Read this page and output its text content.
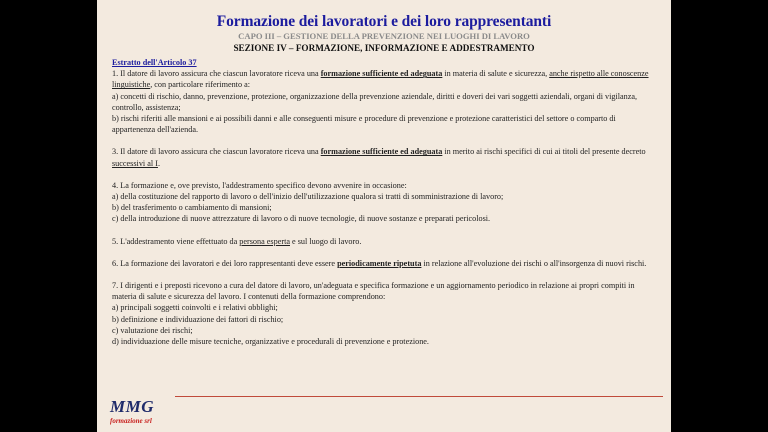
Formazione dei lavoratori e dei loro rappresentanti
CAPO III – GESTIONE DELLA PREVENZIONE NEI LUOGHI DI LAVORO
SEZIONE IV – FORMAZIONE, INFORMAZIONE E ADDESTRAMENTO

Estratto dell'Articolo 37

1. Il datore di lavoro assicura che ciascun lavoratore riceva una formazione sufficiente ed adeguata in materia di salute e sicurezza, anche rispetto alle conoscenze linguistiche, con particolare riferimento a:

a) concetti di rischio, danno, prevenzione, protezione, organizzazione della prevenzione aziendale, diritti e doveri dei vari soggetti aziendali, organi di vigilanza, controllo, assistenza;

b) rischi riferiti alle mansioni e ai possibili danni e alle conseguenti misure e procedure di prevenzione e protezione caratteristici del settore o comparto di appartenenza dell'azienda.

3. Il datore di lavoro assicura che ciascun lavoratore riceva una formazione sufficiente ed adeguata in merito ai rischi specifici di cui ai titoli del presente decreto successivi al I.

4. La formazione e, ove previsto, l'addestramento specifico devono avvenire in occasione:

a) della costituzione del rapporto di lavoro o dell'inizio dell'utilizzazione qualora si tratti di somministrazione di lavoro;

b) del trasferimento o cambiamento di mansioni;

c) della introduzione di nuove attrezzature di lavoro o di nuove tecnologie, di nuove sostanze e preparati pericolosi.

5. L'addestramento viene effettuato da persona esperta e sul luogo di lavoro.

6. La formazione dei lavoratori e dei loro rappresentanti deve essere periodicamente ripetuta in relazione all'evoluzione dei rischi o all'insorgenza di nuovi rischi.

7. I dirigenti e i preposti ricevono a cura del datore di lavoro, un'adeguata e specifica formazione e un aggiornamento periodico in relazione ai propri compiti in materia di salute e sicurezza del lavoro. I contenuti della formazione comprendono:

a) principali soggetti coinvolti e i relativi obblighi;

b) definizione e individuazione dei fattori di rischio;

c) valutazione dei rischi;

d) individuazione delle misure tecniche, organizzative e procedurali di prevenzione e protezione.

MMG
formazione srl
